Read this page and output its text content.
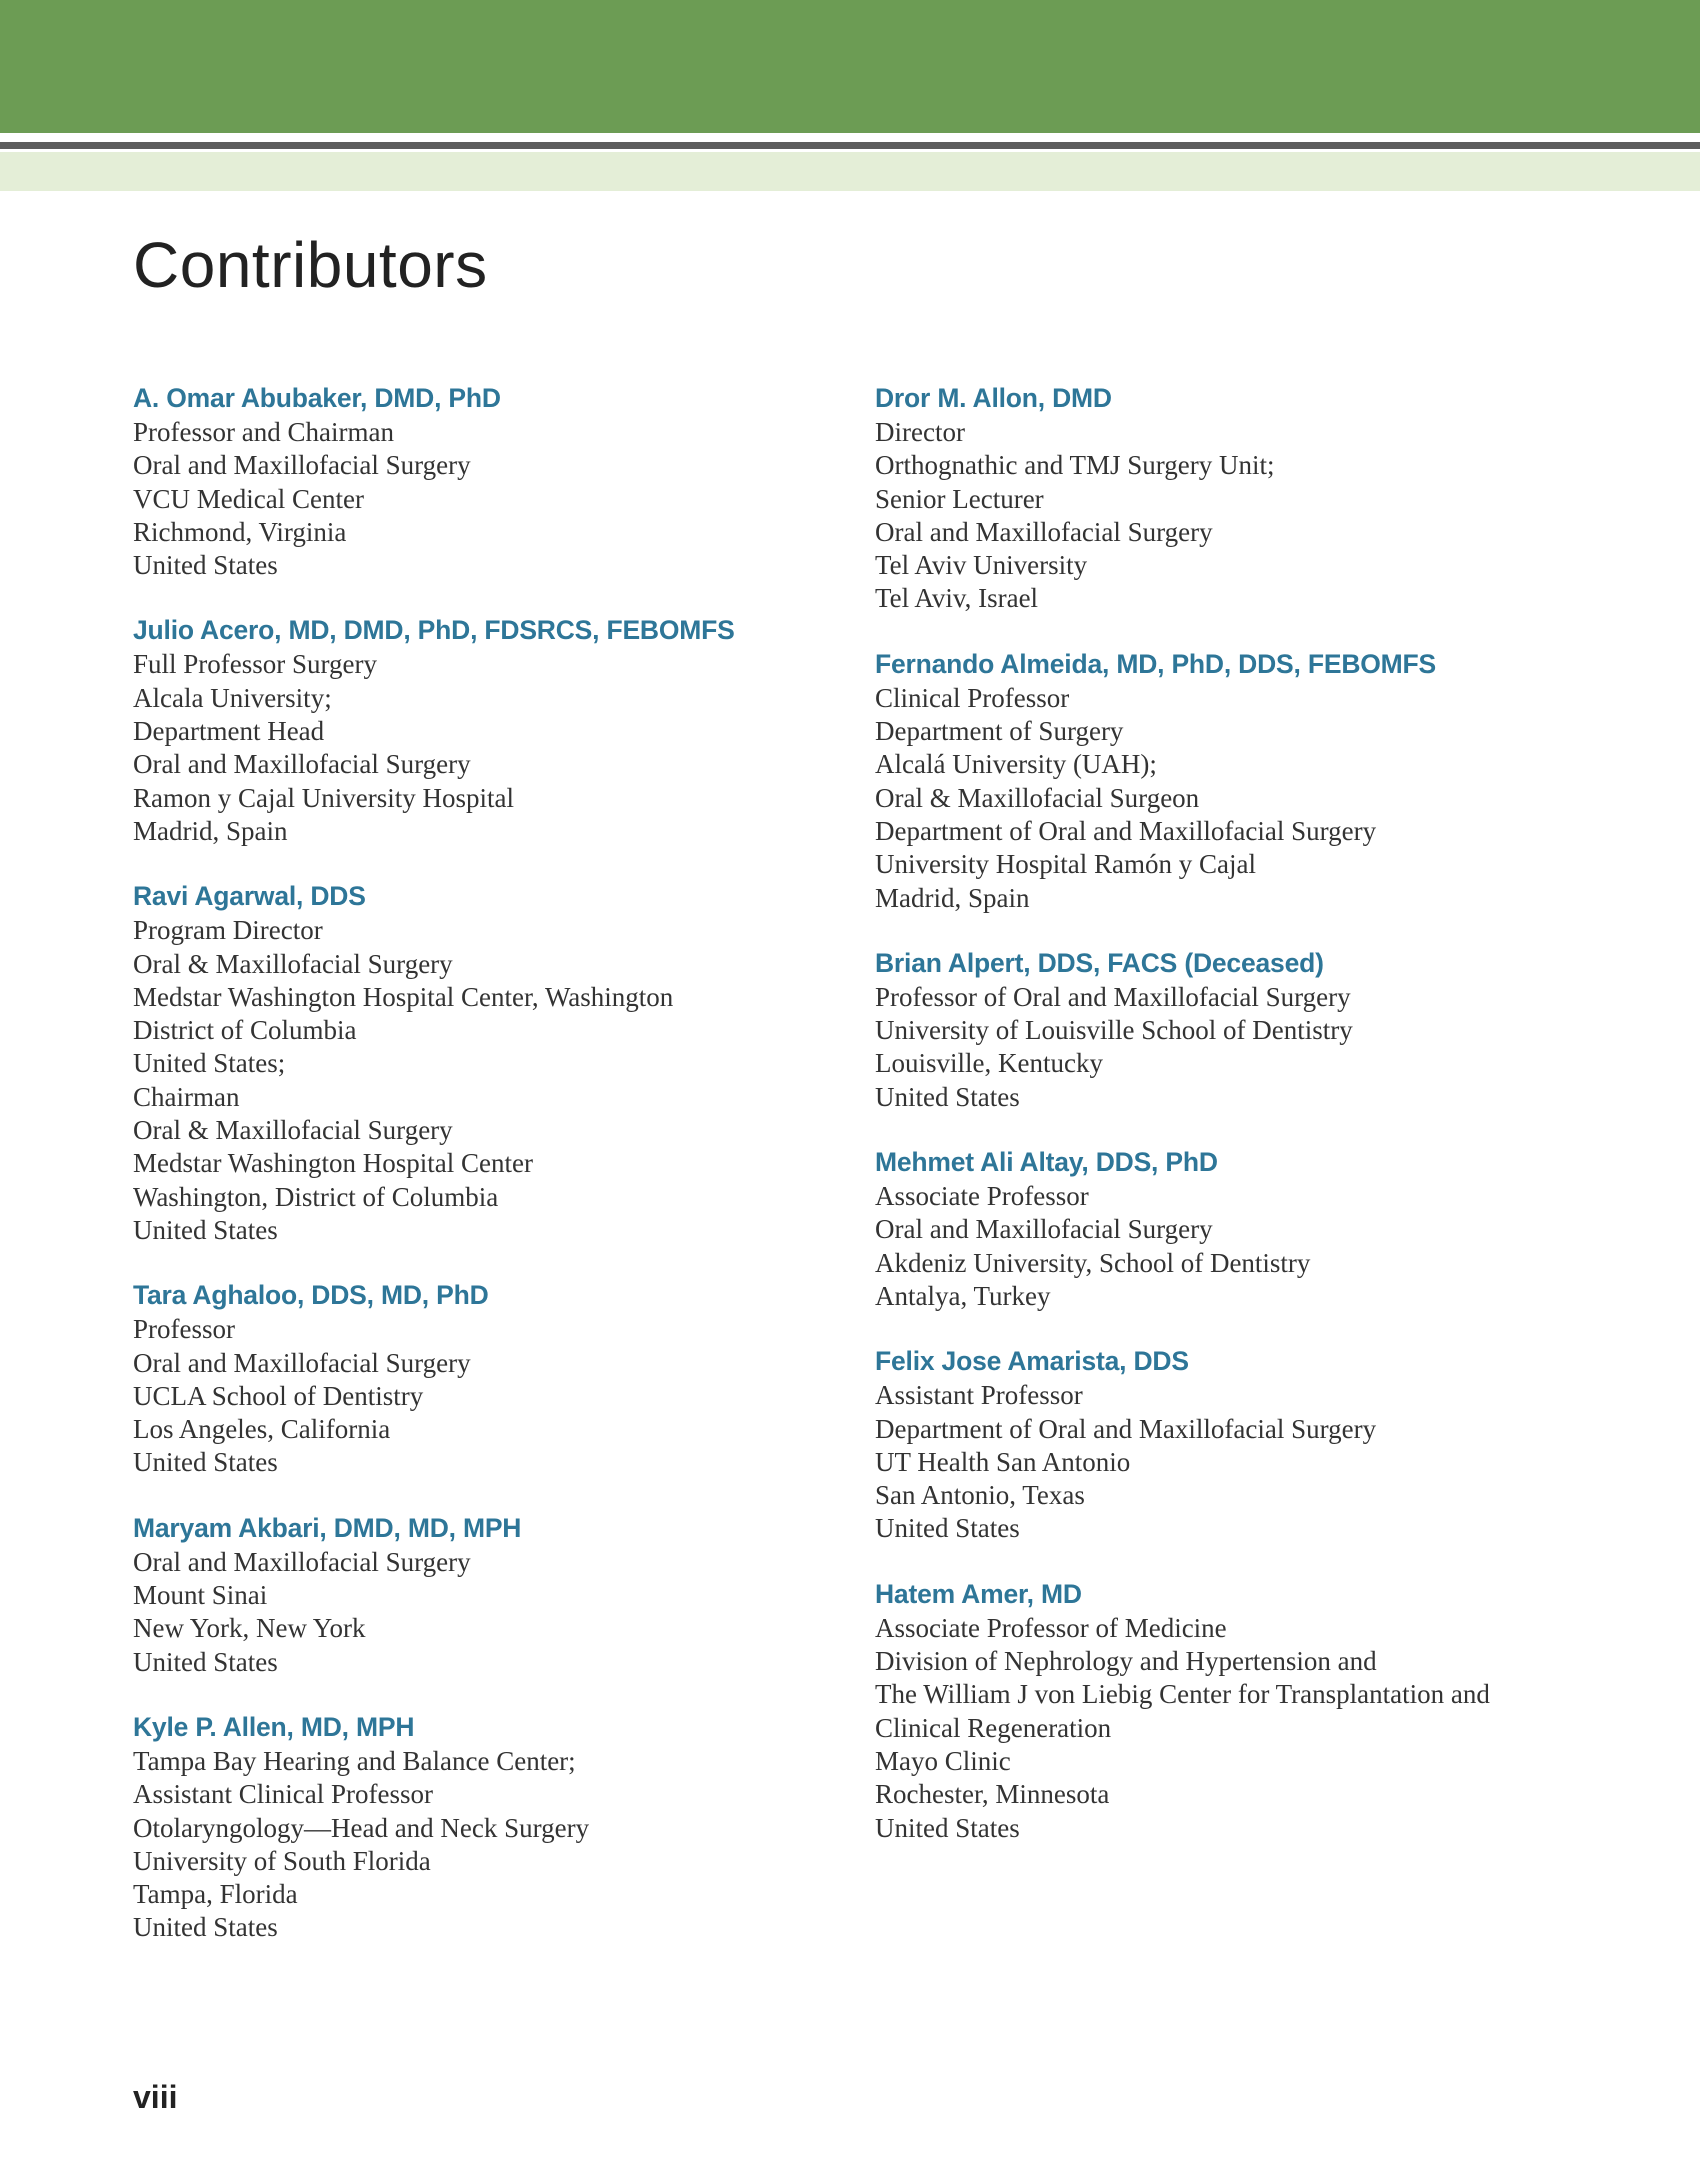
Contributors
A. Omar Abubaker, DMD, PhD
Professor and Chairman
Oral and Maxillofacial Surgery
VCU Medical Center
Richmond, Virginia
United States
Julio Acero, MD, DMD, PhD, FDSRCS, FEBOMFS
Full Professor Surgery
Alcala University;
Department Head
Oral and Maxillofacial Surgery
Ramon y Cajal University Hospital
Madrid, Spain
Ravi Agarwal, DDS
Program Director
Oral & Maxillofacial Surgery
Medstar Washington Hospital Center, Washington
District of Columbia
United States;
Chairman
Oral & Maxillofacial Surgery
Medstar Washington Hospital Center
Washington, District of Columbia
United States
Tara Aghaloo, DDS, MD, PhD
Professor
Oral and Maxillofacial Surgery
UCLA School of Dentistry
Los Angeles, California
United States
Maryam Akbari, DMD, MD, MPH
Oral and Maxillofacial Surgery
Mount Sinai
New York, New York
United States
Kyle P. Allen, MD, MPH
Tampa Bay Hearing and Balance Center;
Assistant Clinical Professor
Otolaryngology—Head and Neck Surgery
University of South Florida
Tampa, Florida
United States
Dror M. Allon, DMD
Director
Orthognathic and TMJ Surgery Unit;
Senior Lecturer
Oral and Maxillofacial Surgery
Tel Aviv University
Tel Aviv, Israel
Fernando Almeida, MD, PhD, DDS, FEBOMFS
Clinical Professor
Department of Surgery
Alcalá University (UAH);
Oral & Maxillofacial Surgeon
Department of Oral and Maxillofacial Surgery
University Hospital Ramón y Cajal
Madrid, Spain
Brian Alpert, DDS, FACS (Deceased)
Professor of Oral and Maxillofacial Surgery
University of Louisville School of Dentistry
Louisville, Kentucky
United States
Mehmet Ali Altay, DDS, PhD
Associate Professor
Oral and Maxillofacial Surgery
Akdeniz University, School of Dentistry
Antalya, Turkey
Felix Jose Amarista, DDS
Assistant Professor
Department of Oral and Maxillofacial Surgery
UT Health San Antonio
San Antonio, Texas
United States
Hatem Amer, MD
Associate Professor of Medicine
Division of Nephrology and Hypertension and
The William J von Liebig Center for Transplantation and
Clinical Regeneration
Mayo Clinic
Rochester, Minnesota
United States
viii
